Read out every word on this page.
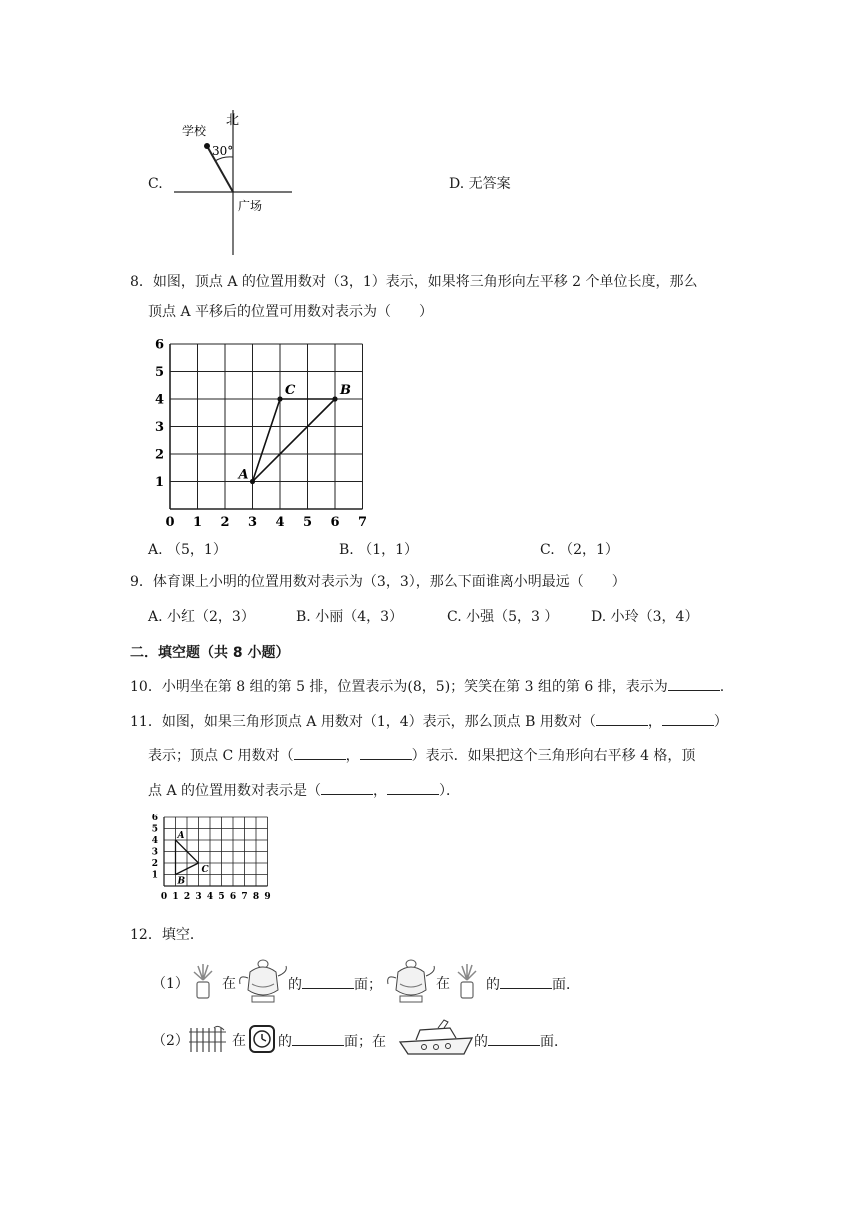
C.
北
学校
30°
广场
D. 无答案
8．如图，顶点 A 的位置用数对（3，1）表示，如果将三角形向左平移 2 个单位长度，那么
顶点 A 平移后的位置可用数对表示为（　　）
0 1 2 3 4 5 6 7
1
2
3
4
5
6
A
C	B
A. （5，1）	B. （1，1）	C. （2，1）
9．体育课上小明的位置用数对表示为（3，3），那么下面谁离小明最远（　　）
A. 小红（2，3）	B. 小丽（4，3）	C. 小强（5，3 ） D. 小玲（3，4）
二．填空题（共 8 小题）
10．小明坐在第 8 组的第 5 排，位置表示为(8，5)；笑笑在第 3 组的第 6 排，表示为	.
11．如图，如果三角形顶点 A 用数对（1，4）表示，那么顶点 B 用数对（	，	）
表示；顶点 C 用数对（	，	）表示．如果把这个三角形向右平移 4 格，顶
点 A 的位置用数对表示是（	，	）．
0 1 2 3 4 5 6 7 8 9
1
2
3
4
5
6
A
B
C
12．填空．
（1） 在	的	面；	在	的	面．
（2）	在 的	面；在	的	面．
